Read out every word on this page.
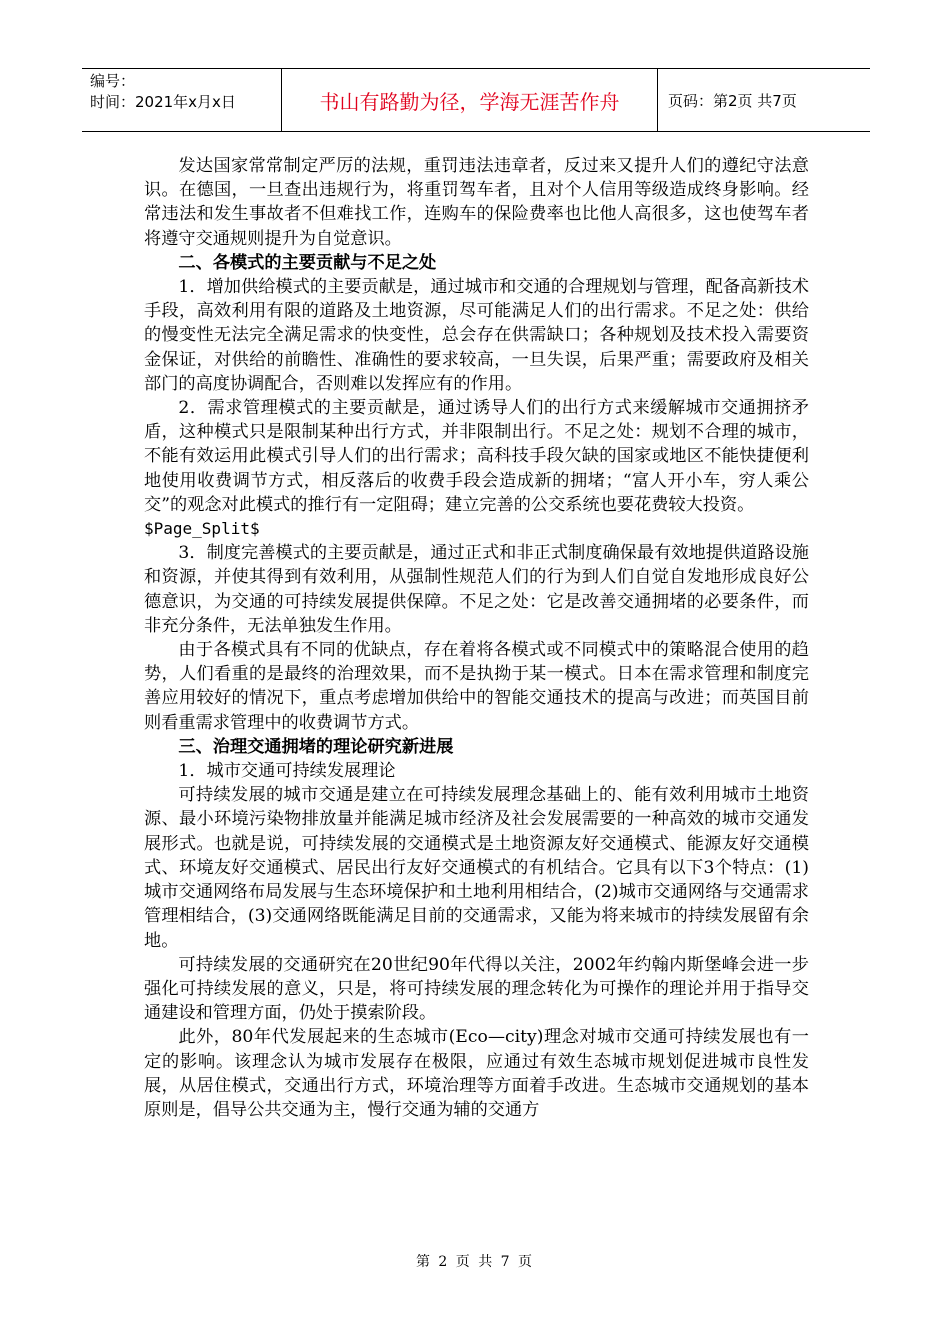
编号：
时间：2021年x月x日	书山有路勤为径，学海无涯苦作舟	页码：第2页 共7页

发达国家常常制定严厉的法规，重罚违法违章者，反过来又提升人们的遵纪守法意识。在德国，一旦查出违规行为，将重罚驾车者，且对个人信用等级造成终身影响。经常违法和发生事故者不但难找工作，连购车的保险费率也比他人高很多，这也使驾车者将遵守交通规则提升为自觉意识。

二、各模式的主要贡献与不足之处

1．增加供给模式的主要贡献是，通过城市和交通的合理规划与管理，配备高新技术手段，高效利用有限的道路及土地资源，尽可能满足人们的出行需求。不足之处：供给的慢变性无法完全满足需求的快变性，总会存在供需缺口；各种规划及技术投入需要资金保证，对供给的前瞻性、准确性的要求较高，一旦失误，后果严重；需要政府及相关部门的高度协调配合，否则难以发挥应有的作用。

2．需求管理模式的主要贡献是，通过诱导人们的出行方式来缓解城市交通拥挤矛盾，这种模式只是限制某种出行方式，并非限制出行。不足之处：规划不合理的城市，不能有效运用此模式引导人们的出行需求；高科技手段欠缺的国家或地区不能快捷便利地使用收费调节方式，相反落后的收费手段会造成新的拥堵；“富人开小车，穷人乘公交”的观念对此模式的推行有一定阻碍；建立完善的公交系统也要花费较大投资。

$Page_Split$

3．制度完善模式的主要贡献是，通过正式和非正式制度确保最有效地提供道路设施和资源，并使其得到有效利用，从强制性规范人们的行为到人们自觉自发地形成良好公德意识，为交通的可持续发展提供保障。不足之处：它是改善交通拥堵的必要条件，而非充分条件，无法单独发生作用。

由于各模式具有不同的优缺点，存在着将各模式或不同模式中的策略混合使用的趋势，人们看重的是最终的治理效果，而不是执拗于某一模式。日本在需求管理和制度完善应用较好的情况下，重点考虑增加供给中的智能交通技术的提高与改进；而英国目前则看重需求管理中的收费调节方式。

三、治理交通拥堵的理论研究新进展

1．城市交通可持续发展理论

可持续发展的城市交通是建立在可持续发展理念基础上的、能有效利用城市土地资源、最小环境污染物排放量并能满足城市经济及社会发展需要的一种高效的城市交通发展形式。也就是说，可持续发展的交通模式是土地资源友好交通模式、能源友好交通模式、环境友好交通模式、居民出行友好交通模式的有机结合。它具有以下3个特点：(1)城市交通网络布局发展与生态环境保护和土地利用相结合，(2)城市交通网络与交通需求管理相结合，(3)交通网络既能满足目前的交通需求，又能为将来城市的持续发展留有余地。

可持续发展的交通研究在20世纪90年代得以关注，2002年约翰内斯堡峰会进一步强化可持续发展的意义，只是，将可持续发展的理念转化为可操作的理论并用于指导交通建设和管理方面，仍处于摸索阶段。

此外，80年代发展起来的生态城市(Eco—city)理念对城市交通可持续发展也有一定的影响。该理念认为城市发展存在极限，应通过有效生态城市规划促进城市良性发展，从居住模式，交通出行方式，环境治理等方面着手改进。生态城市交通规划的基本原则是，倡导公共交通为主，慢行交通为辅的交通方

第 2 页 共 7 页
